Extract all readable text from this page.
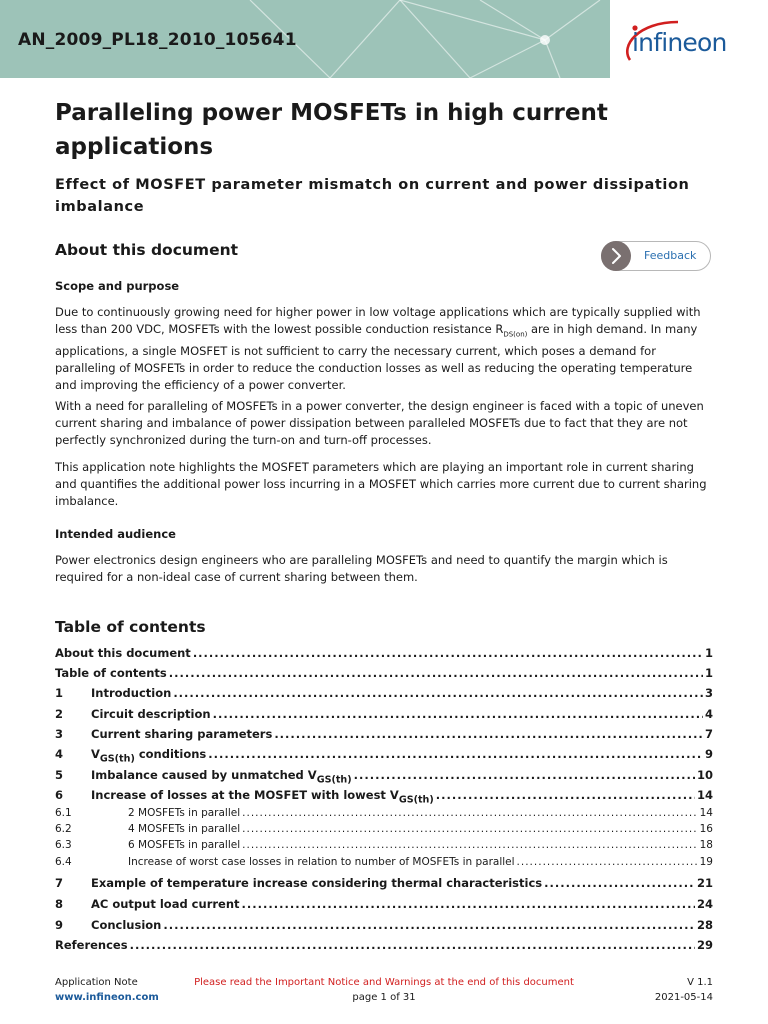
AN_2009_PL18_2010_105641	infineon
Paralleling power MOSFETs in high current applications
Effect of MOSFET parameter mismatch on current and power dissipation imbalance
About this document	Feedback
Scope and purpose
Due to continuously growing need for higher power in low voltage applications which are typically supplied with less than 200 VDC, MOSFETs with the lowest possible conduction resistance $R_{DS(on)}$ are in high demand. In many applications, a single MOSFET is not sufficient to carry the necessary current, which poses a demand for paralleling of MOSFETs in order to reduce the conduction losses as well as reducing the operating temperature and improving the efficiency of a power converter.
With a need for paralleling of MOSFETs in a power converter, the design engineer is faced with a topic of uneven current sharing and imbalance of power dissipation between paralleled MOSFETs due to fact that they are not perfectly synchronized during the turn-on and turn-off processes.
This application note highlights the MOSFET parameters which are playing an important role in current sharing and quantifies the additional power loss incurring in a MOSFET which carries more current due to current sharing imbalance.
Intended audience
Power electronics design engineers who are paralleling MOSFETs and need to quantify the margin which is required for a non-ideal case of current sharing between them.
Table of contents
About this document .....	1
Table of contents .....	1
1	Introduction .....	3
2	Circuit description .....	4
3	Current sharing parameters .....	7
4	$V_{GS(th)}$ conditions .....	9
5	Imbalance caused by unmatched $V_{GS(th)}$ .....	10
6	Increase of losses at the MOSFET with lowest $V_{GS(th)}$ .....	14
6.1	2 MOSFETs in parallel .....	14
6.2	4 MOSFETs in parallel .....	16
6.3	6 MOSFETs in parallel .....	18
6.4	Increase of worst case losses in relation to number of MOSFETs in parallel .....	19
7	Example of temperature increase considering thermal characteristics .....	21
8	AC output load current .....	24
9	Conclusion .....	28
References .....	29
Application Note
www.infineon.com
Please read the Important Notice and Warnings at the end of this document
page 1 of 31
V 1.1
2021-05-14
